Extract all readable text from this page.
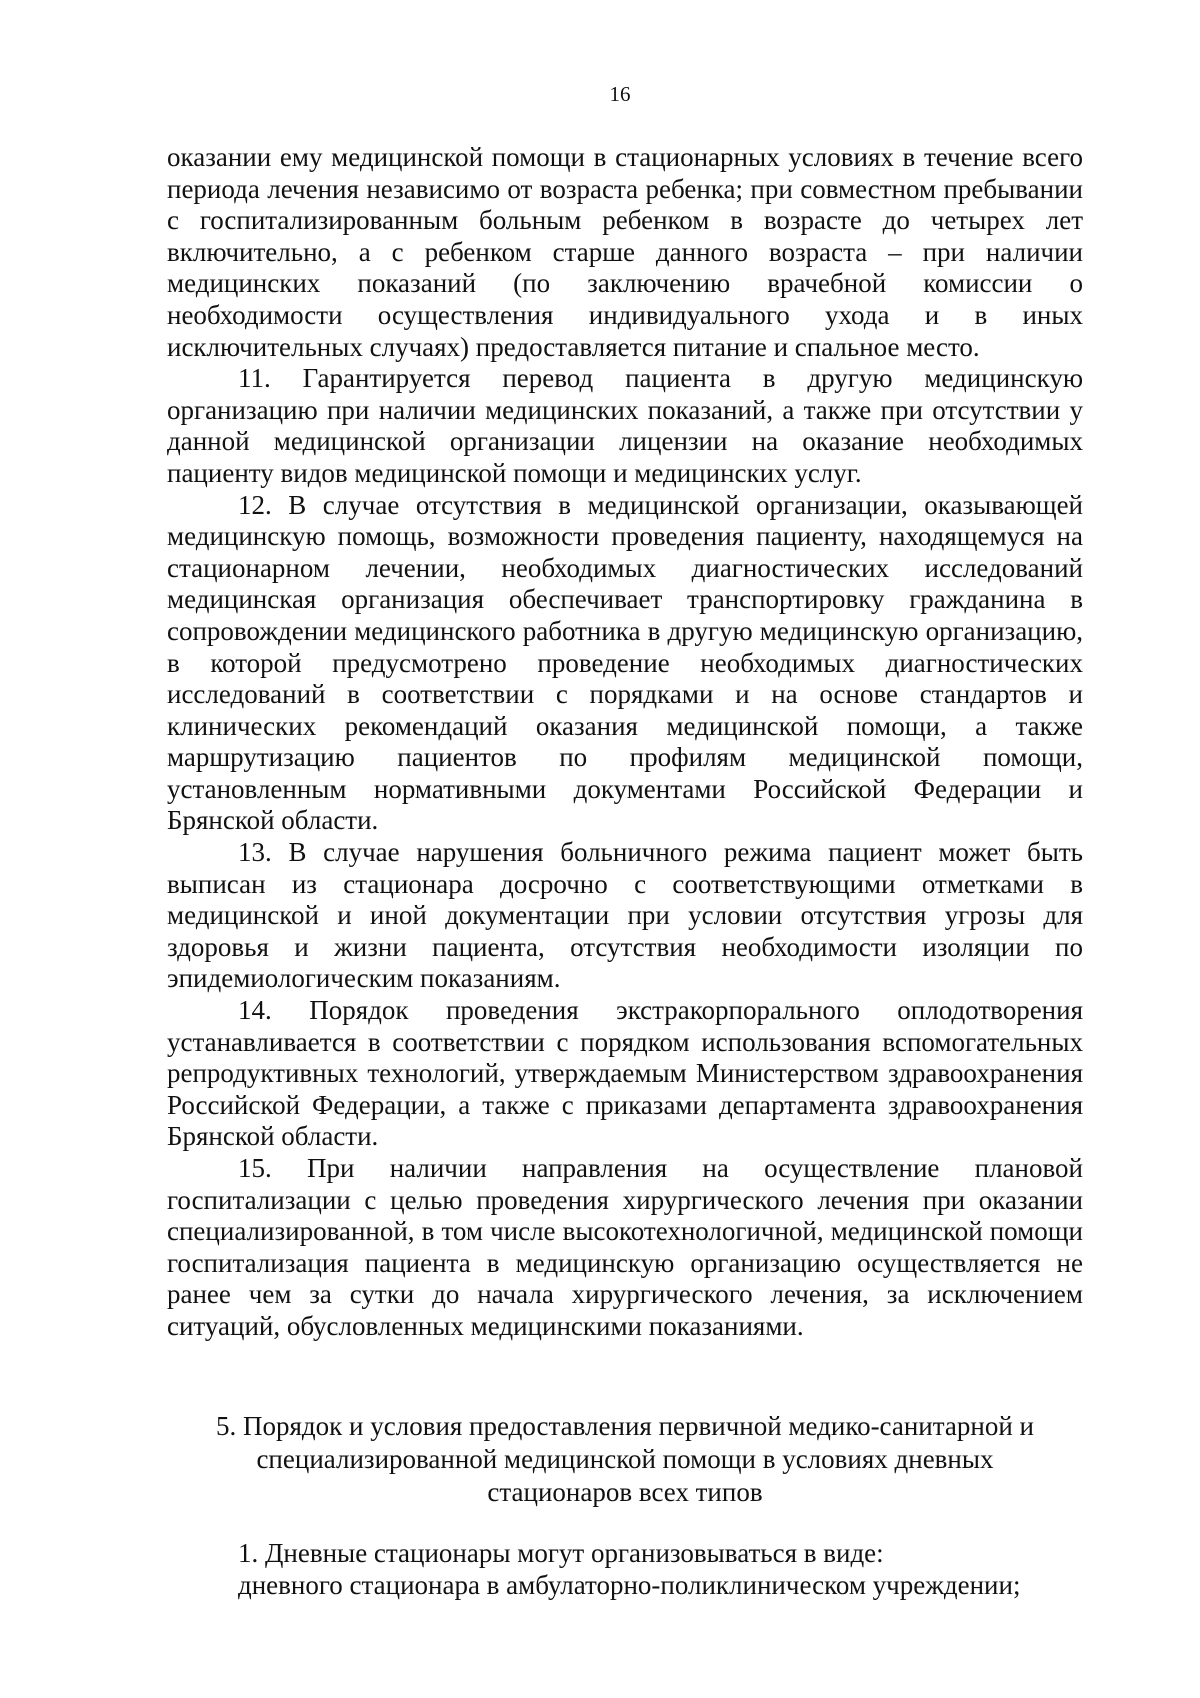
16

оказании ему медицинской помощи в стационарных условиях в течение всего периода лечения независимо от возраста ребенка; при совместном пребывании с госпитализированным больным ребенком в возрасте до четырех лет включительно, а с ребенком старше данного возраста – при наличии медицинских показаний (по заключению врачебной комиссии о необходимости осуществления индивидуального ухода и в иных исключительных случаях) предоставляется питание и спальное место.

11. Гарантируется перевод пациента в другую медицинскую организацию при наличии медицинских показаний, а также при отсутствии у данной медицинской организации лицензии на оказание необходимых пациенту видов медицинской помощи и медицинских услуг.

12. В случае отсутствия в медицинской организации, оказывающей медицинскую помощь, возможности проведения пациенту, находящемуся на стационарном лечении, необходимых диагностических исследований медицинская организация обеспечивает транспортировку гражданина в сопровождении медицинского работника в другую медицинскую организацию, в которой предусмотрено проведение необходимых диагностических исследований в соответствии с порядками и на основе стандартов и клинических рекомендаций оказания медицинской помощи, а также маршрутизацию пациентов по профилям медицинской помощи, установленным нормативными документами Российской Федерации и Брянской области.

13. В случае нарушения больничного режима пациент может быть выписан из стационара досрочно с соответствующими отметками в медицинской и иной документации при условии отсутствия угрозы для здоровья и жизни пациента, отсутствия необходимости изоляции по эпидемиологическим показаниям.

14. Порядок проведения экстракорпорального оплодотворения устанавливается в соответствии с порядком использования вспомогательных репродуктивных технологий, утверждаемым Министерством здравоохранения Российской Федерации, а также с приказами департамента здравоохранения Брянской области.

15. При наличии направления на осуществление плановой госпитализации с целью проведения хирургического лечения при оказании специализированной, в том числе высокотехнологичной, медицинской помощи госпитализация пациента в медицинскую организацию осуществляется не ранее чем за сутки до начала хирургического лечения, за исключением ситуаций, обусловленных медицинскими показаниями.

5. Порядок и условия предоставления первичной медико-санитарной и
специализированной медицинской помощи в условиях дневных
стационаров всех типов

1. Дневные стационары могут организовываться в виде:

дневного стационара в амбулаторно-поликлиническом учреждении;
